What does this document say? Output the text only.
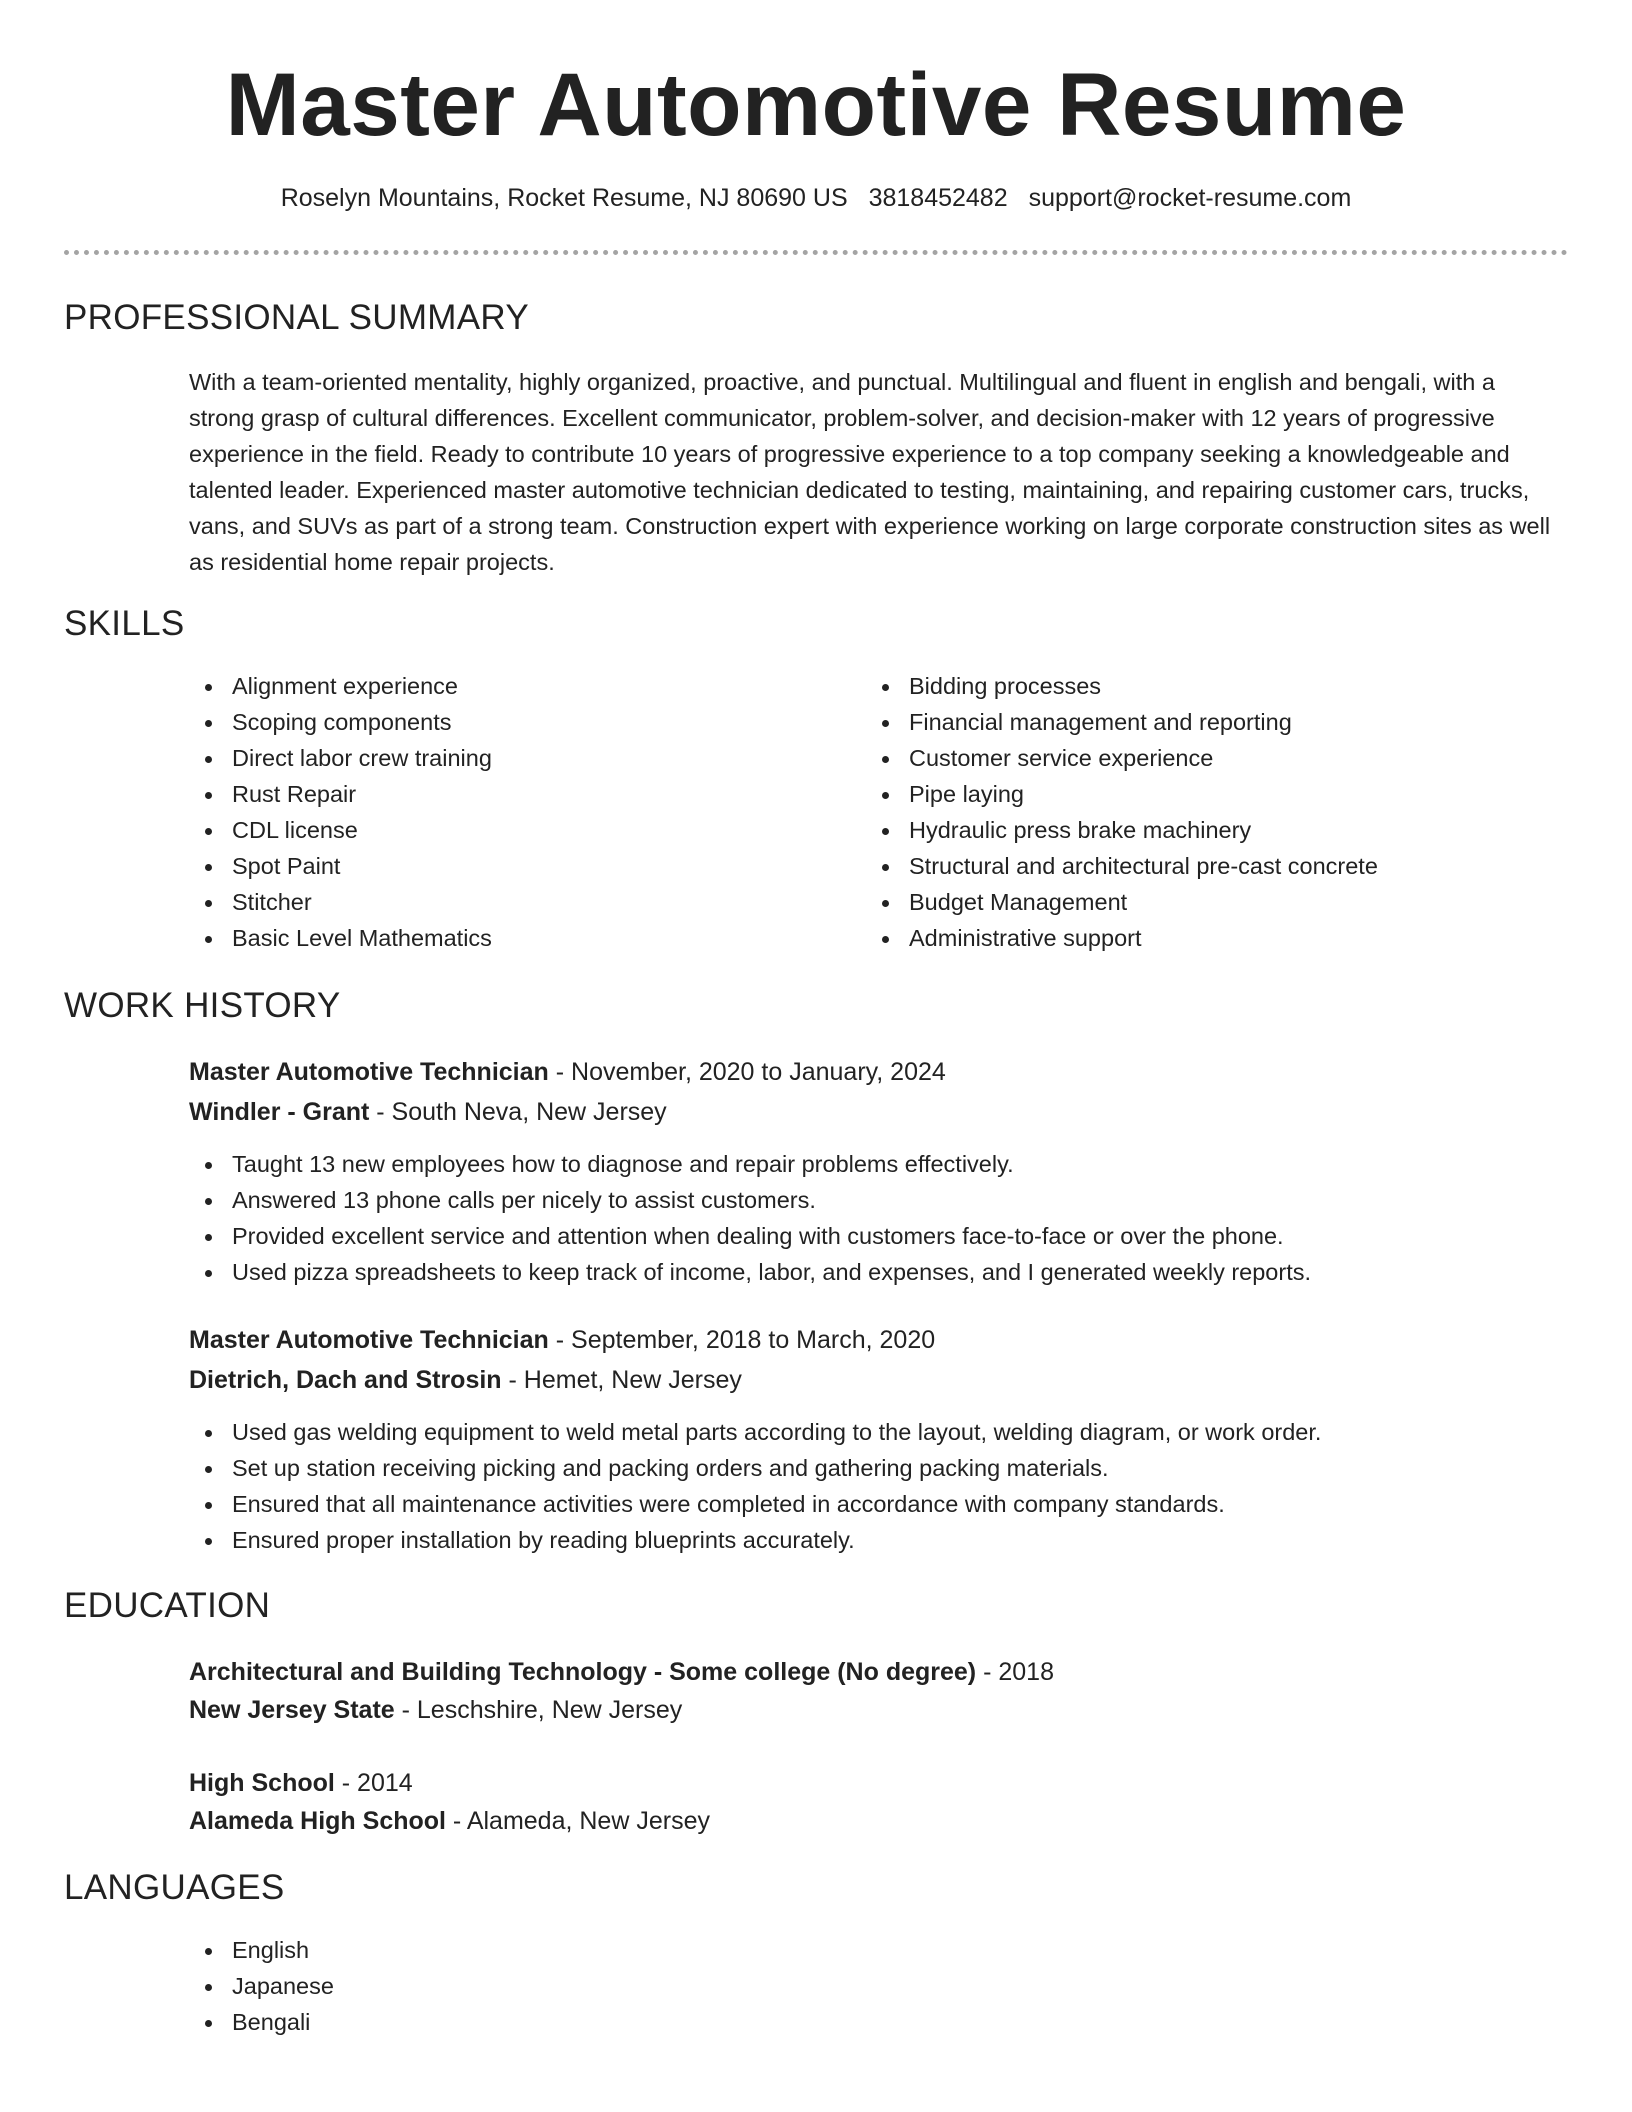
Master Automotive Resume
Roselyn Mountains, Rocket Resume, NJ 80690 US 3818452482 support@rocket-resume.com
PROFESSIONAL SUMMARY

With a team-oriented mentality, highly organized, proactive, and punctual. Multilingual and fluent in english and bengali, with a strong grasp of cultural differences. Excellent communicator, problem-solver, and decision-maker with 12 years of progressive experience in the field. Ready to contribute 10 years of progressive experience to a top company seeking a knowledgeable and talented leader. Experienced master automotive technician dedicated to testing, maintaining, and repairing customer cars, trucks, vans, and SUVs as part of a strong team. Construction expert with experience working on large corporate construction sites as well as residential home repair projects.

SKILLS
Alignment experience
Scoping components
Direct labor crew training
Rust Repair
CDL license
Spot Paint
Stitcher
Basic Level Mathematics
Bidding processes
Financial management and reporting
Customer service experience
Pipe laying
Hydraulic press brake machinery
Structural and architectural pre-cast concrete
Budget Management
Administrative support
WORK HISTORY
Master Automotive Technician - November, 2020 to January, 2024
Windler - Grant - South Neva, New Jersey
Taught 13 new employees how to diagnose and repair problems effectively.
Answered 13 phone calls per nicely to assist customers.
Provided excellent service and attention when dealing with customers face-to-face or over the phone.
Used pizza spreadsheets to keep track of income, labor, and expenses, and I generated weekly reports.
Master Automotive Technician - September, 2018 to March, 2020
Dietrich, Dach and Strosin - Hemet, New Jersey
Used gas welding equipment to weld metal parts according to the layout, welding diagram, or work order.
Set up station receiving picking and packing orders and gathering packing materials.
Ensured that all maintenance activities were completed in accordance with company standards.
Ensured proper installation by reading blueprints accurately.
EDUCATION
Architectural and Building Technology - Some college (No degree) - 2018
New Jersey State - Leschshire, New Jersey
High School - 2014
Alameda High School - Alameda, New Jersey
LANGUAGES
English
Japanese
Bengali
